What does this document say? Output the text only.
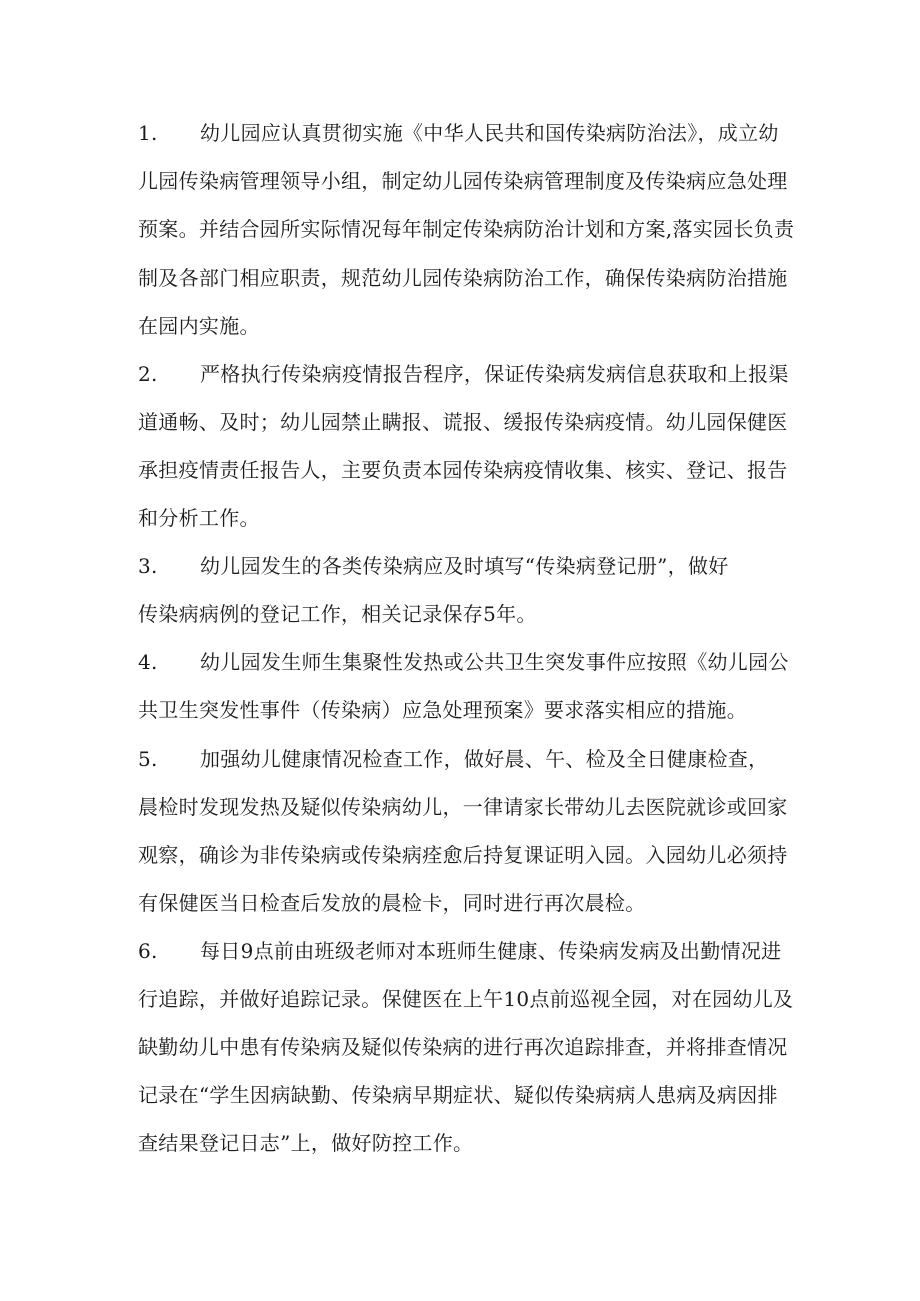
1. 幼儿园应认真贯彻实施《中华人民共和国传染病防治法》，成立幼
儿园传染病管理领导小组，制定幼儿园传染病管理制度及传染病应急处理
预案。并结合园所实际情况每年制定传染病防治计划和方案,落实园长负责
制及各部门相应职责，规范幼儿园传染病防治工作，确保传染病防治措施
在园内实施。
2. 严格执行传染病疫情报告程序，保证传染病发病信息获取和上报渠
道通畅、及时；幼儿园禁止瞒报、谎报、缓报传染病疫情。幼儿园保健医
承担疫情责任报告人，主要负责本园传染病疫情收集、核实、登记、报告
和分析工作。
3. 幼儿园发生的各类传染病应及时填写“传染病登记册”，做好
传染病病例的登记工作，相关记录保存5年。
4. 幼儿园发生师生集聚性发热或公共卫生突发事件应按照《幼儿园公
共卫生突发性事件（传染病）应急处理预案》要求落实相应的措施。
5. 加强幼儿健康情况检查工作，做好晨、午、检及全日健康检查，
晨检时发现发热及疑似传染病幼儿，一律请家长带幼儿去医院就诊或回家
观察，确诊为非传染病或传染病痊愈后持复课证明入园。入园幼儿必须持
有保健医当日检查后发放的晨检卡，同时进行再次晨检。
6. 每日9点前由班级老师对本班师生健康、传染病发病及出勤情况进
行追踪，并做好追踪记录。保健医在上午10点前巡视全园，对在园幼儿及
缺勤幼儿中患有传染病及疑似传染病的进行再次追踪排查，并将排查情况
记录在“学生因病缺勤、传染病早期症状、疑似传染病病人患病及病因排
查结果登记日志”上，做好防控工作。
